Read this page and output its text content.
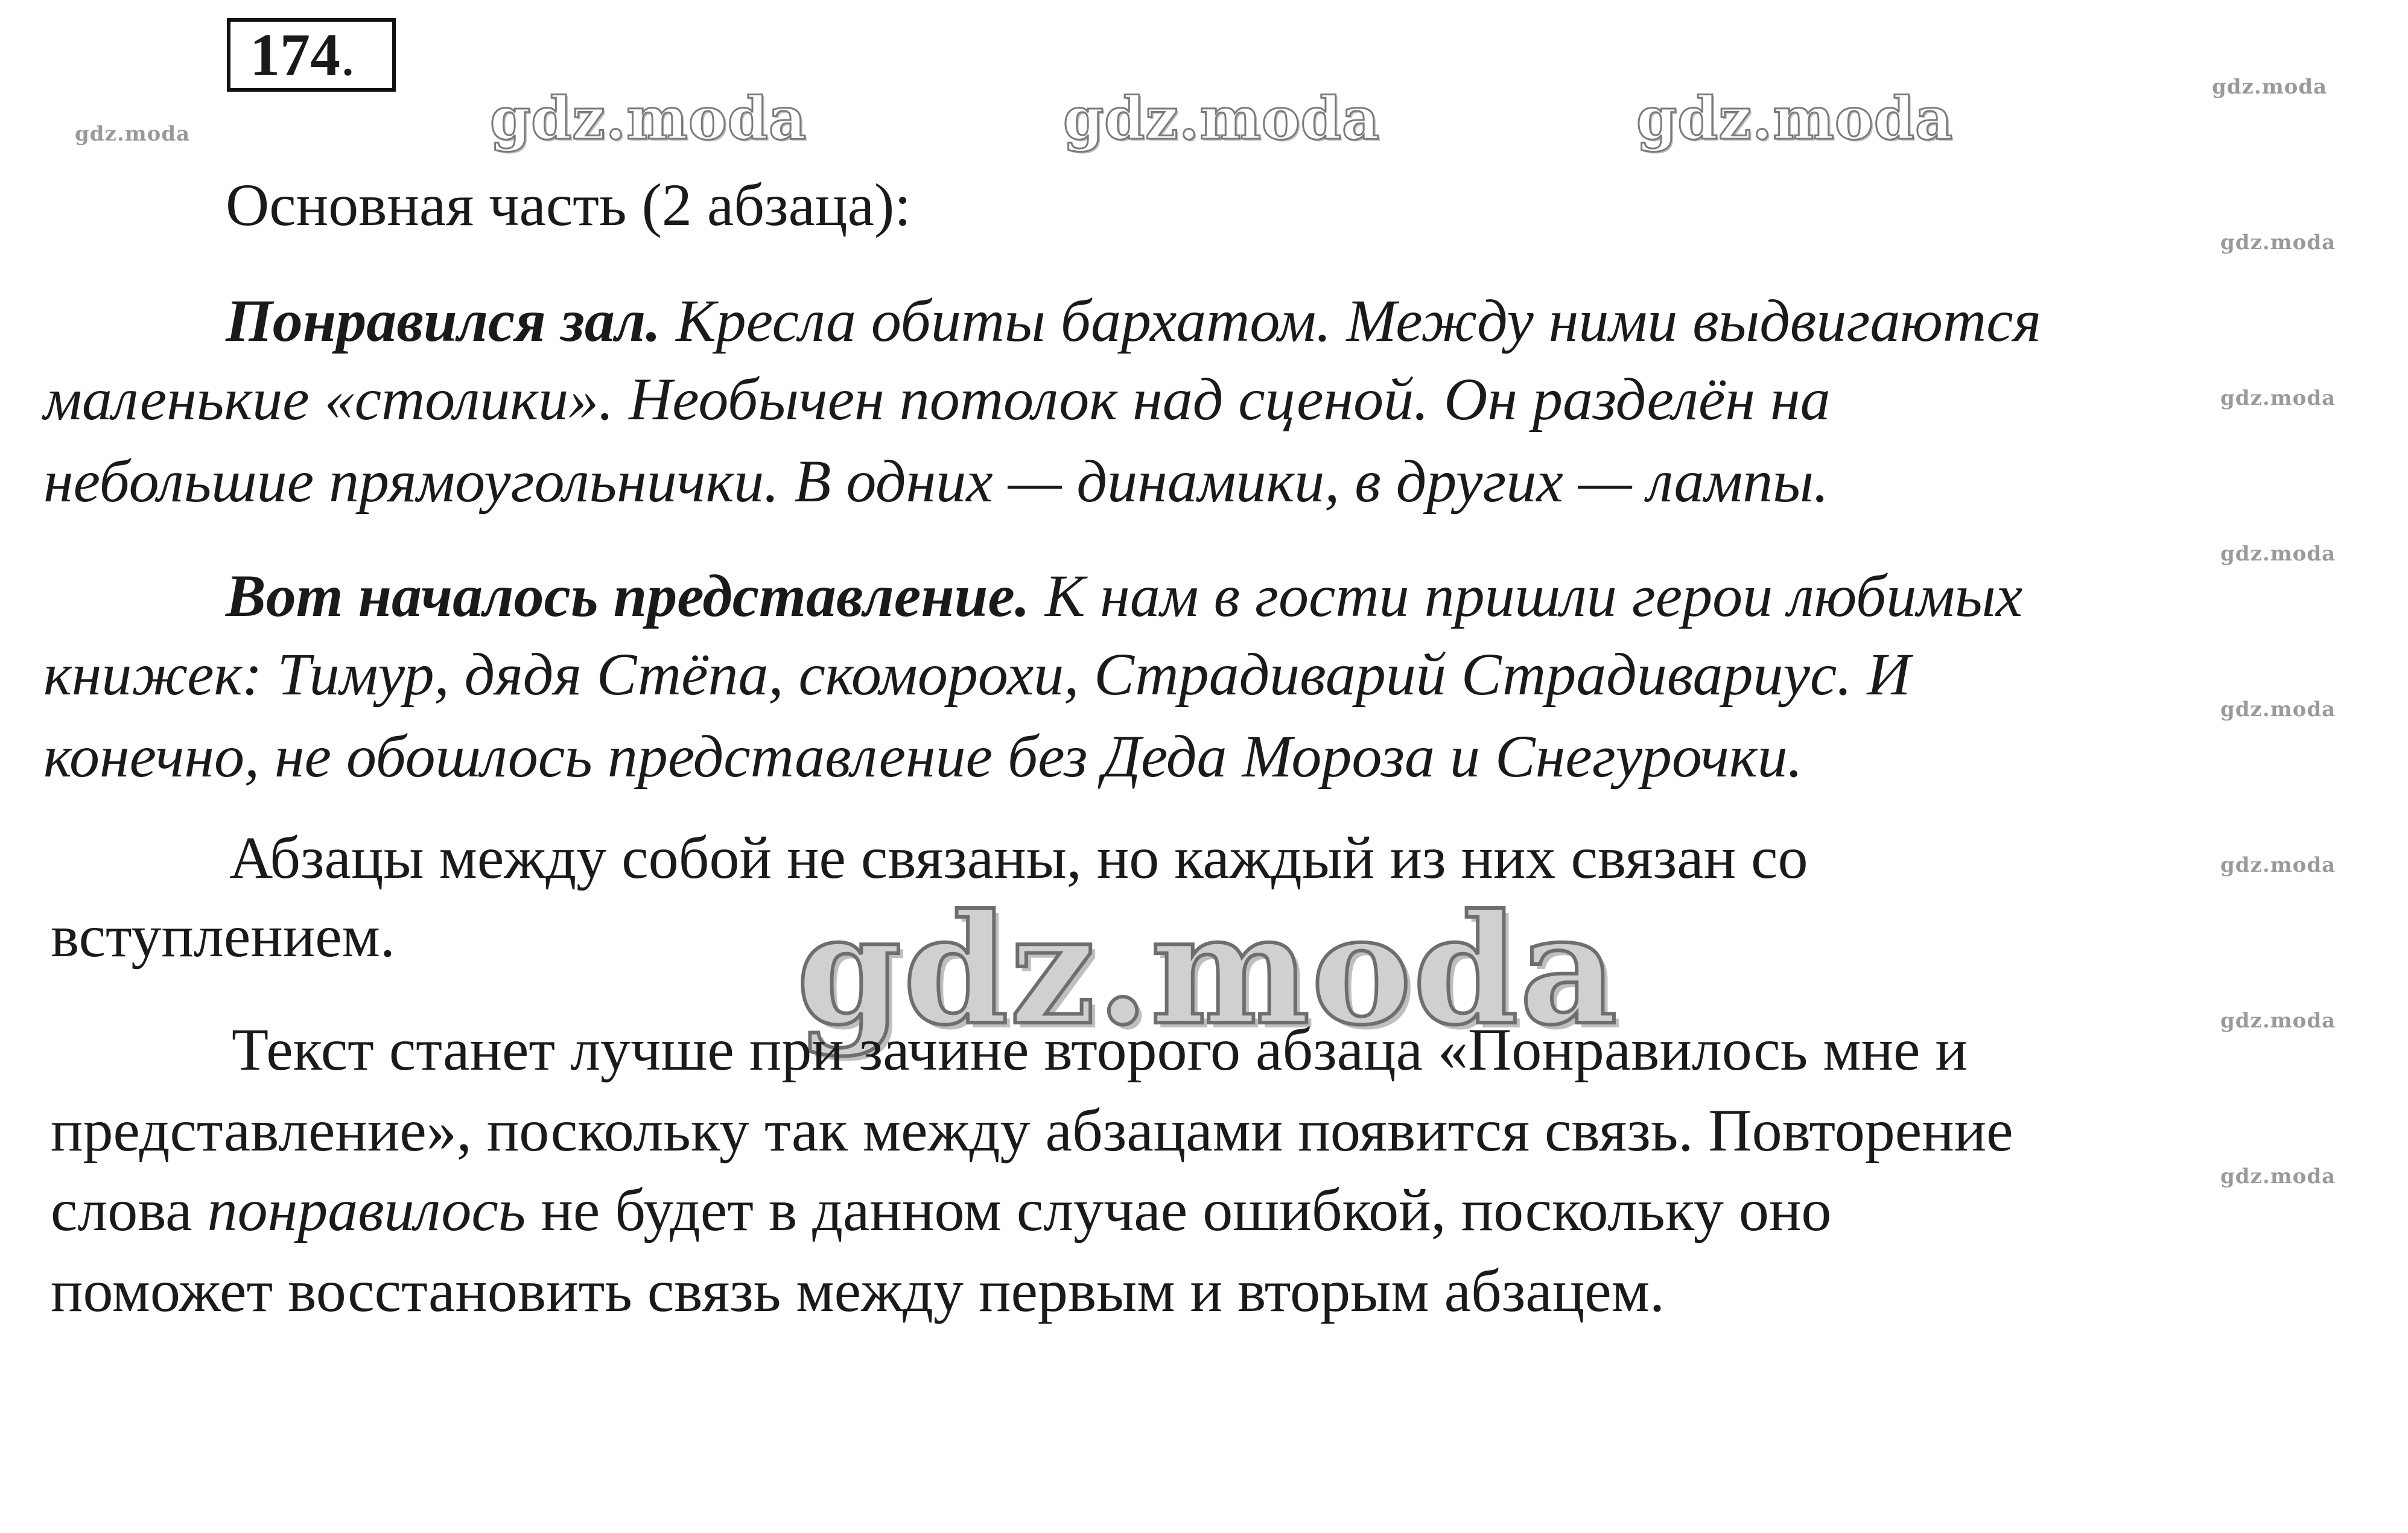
174 .
gdz.moda	gdz.moda	gdz.moda
gdz.moda
gdz.moda
gdz.moda
gdz.moda
gdz.moda
gdz.moda
gdz.moda
gdz.moda
gdz.moda
Основная часть (2 абзаца):
Понравился зал. Кресла обиты бархатом. Между ними выдвигаются
маленькие «столики». Необычен потолок над сценой. Он разделён на
небольшие прямоугольнички. В одних — динамики, в других — лампы.
Вот началось представление. К нам в гости пришли герои любимых
книжек: Тимур, дядя Стёпа, скоморохи, Страдиварий Страдивариус. И
конечно, не обошлось представление без Деда Мороза и Снегурочки.
Абзацы между собой не связаны, но каждый из них связан со
вступлением.	gdz.moda
Текст станет лучше при зачине второго абзаца «Понравилось мне и
представление», поскольку так между абзацами появится связь. Повторение
слова понравилось не будет в данном случае ошибкой, поскольку оно
поможет восстановить связь между первым и вторым абзацем.
